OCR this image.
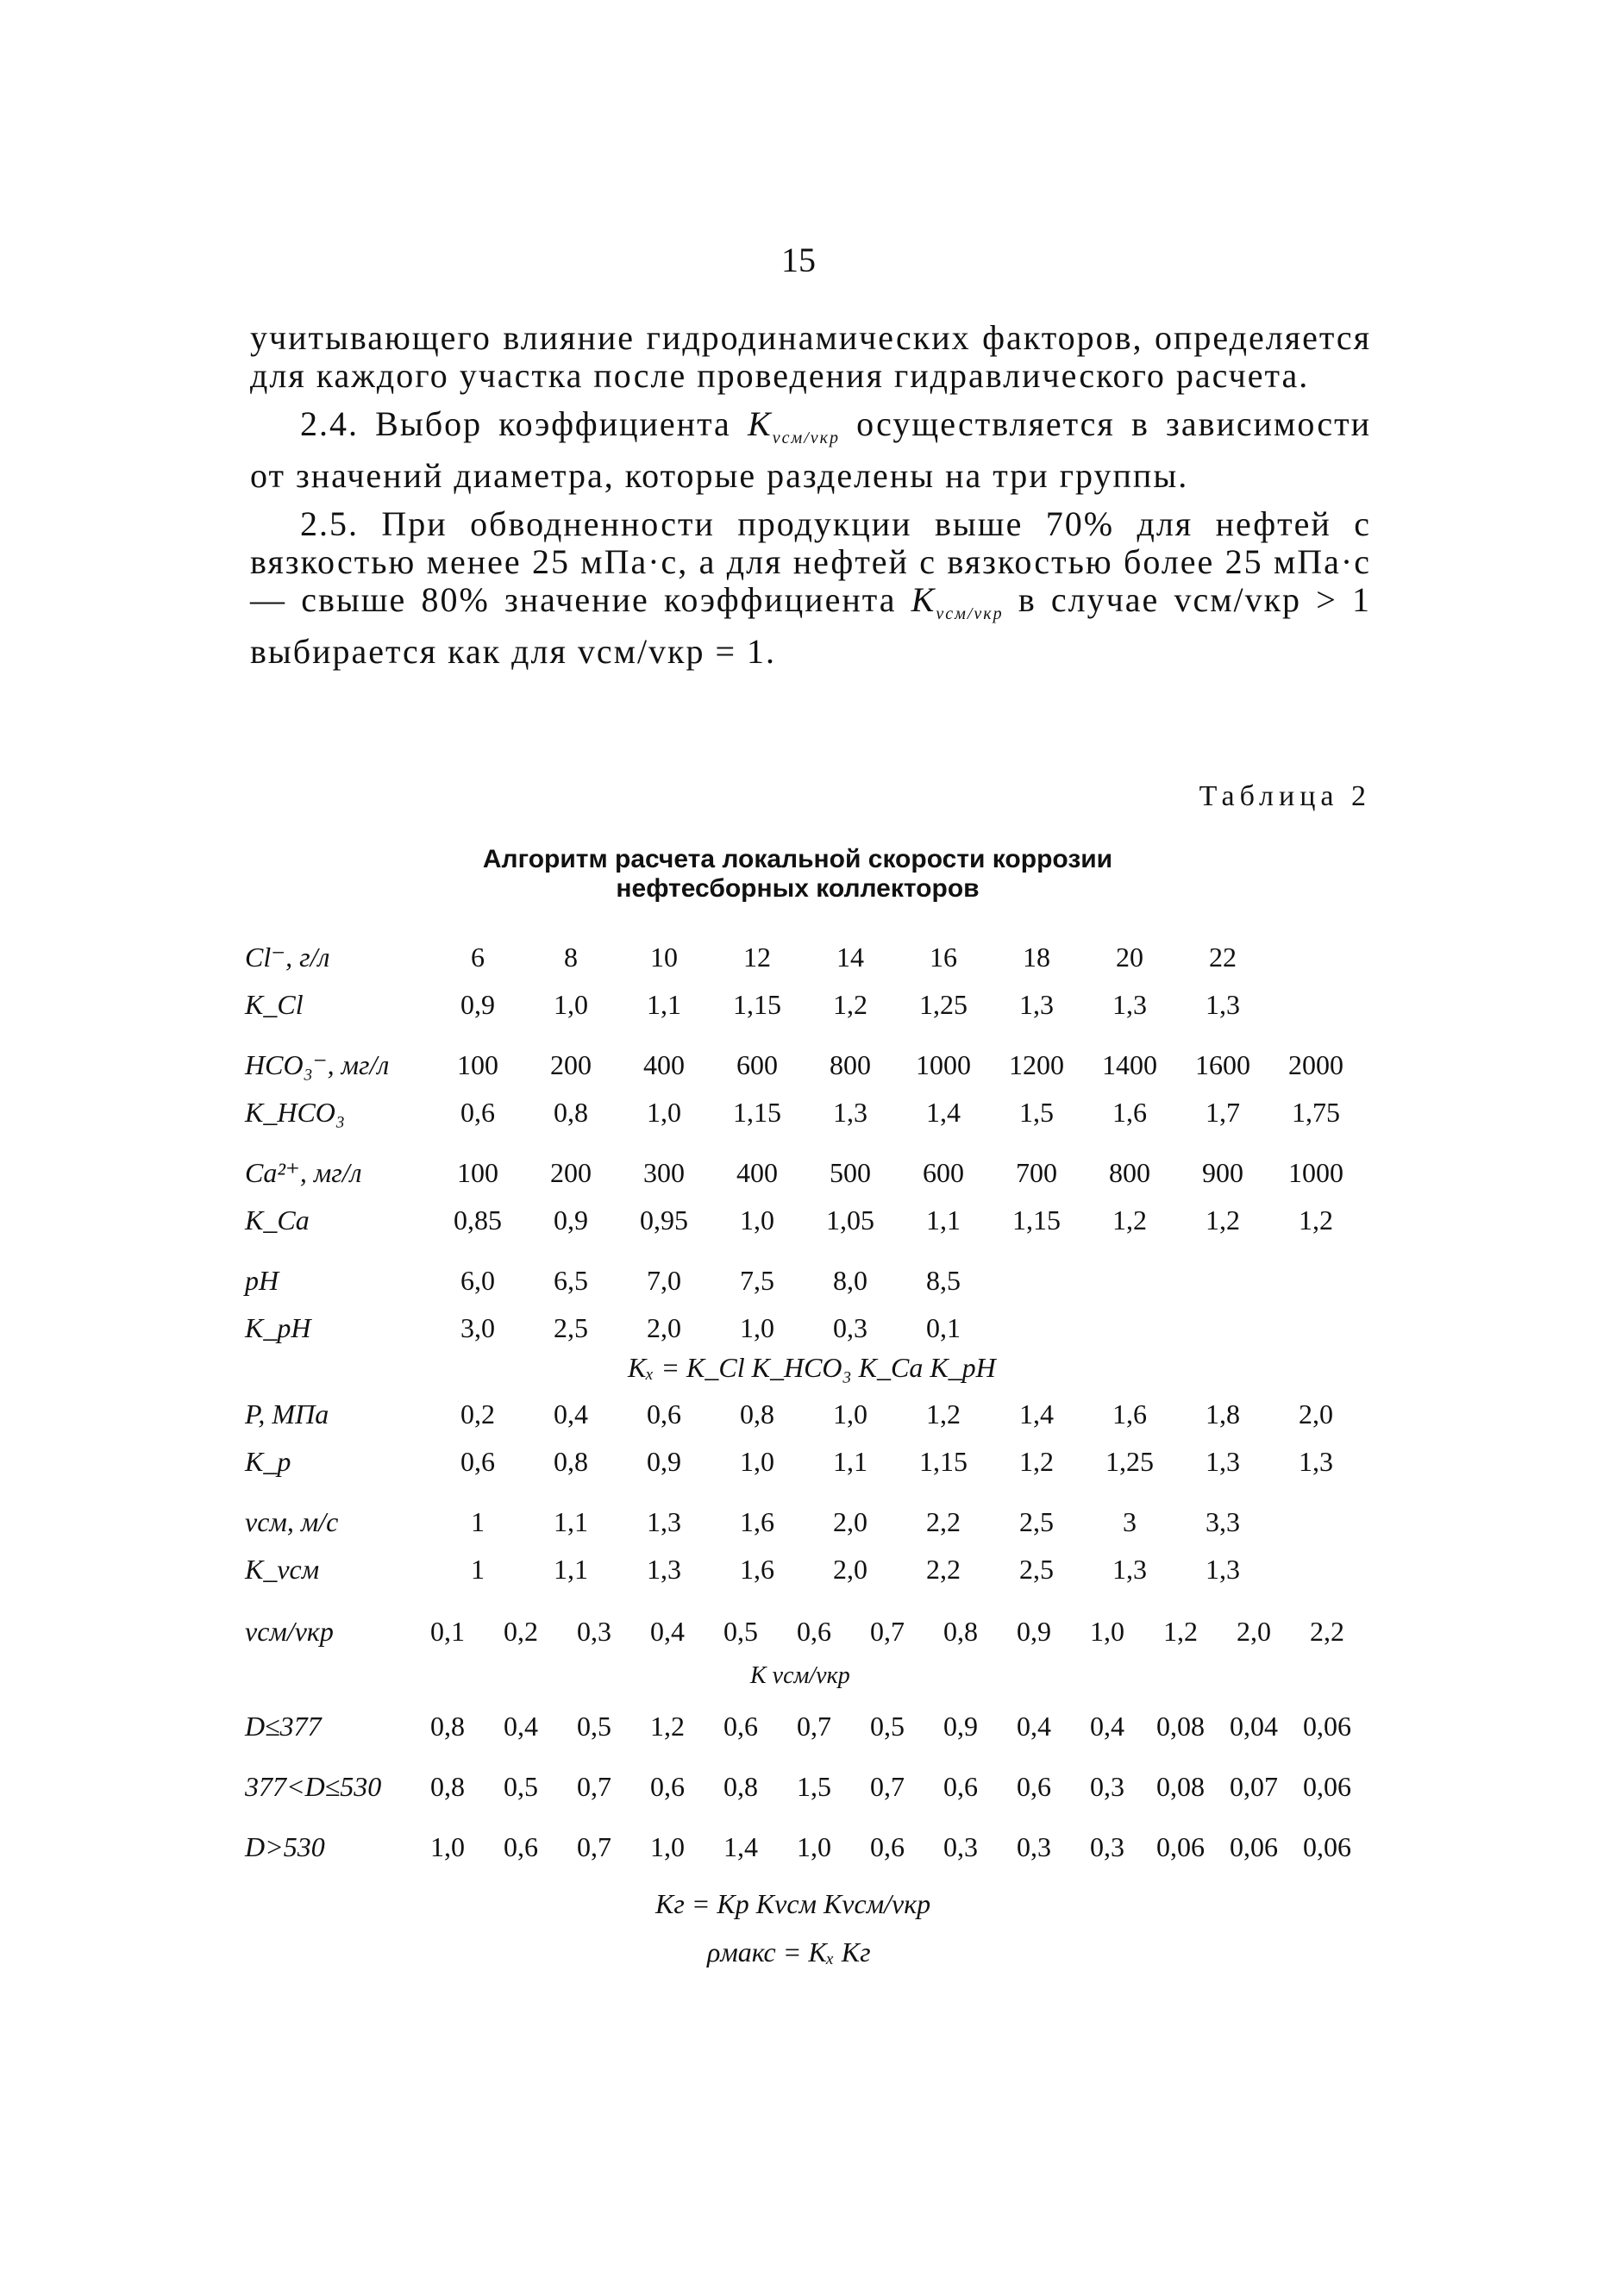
15

учитывающего влияние гидродинамических факторов, определяется для каждого участка после проведения гидравлического расчета.

2.4. Выбор коэффициента $K_{vсм/vкр}$ осуществляется в зависимости от значений диаметра, которые разделены на три группы.

2.5. При обводненности продукции выше 70% для нефтей с вязкостью менее 25 мПа·с, а для нефтей с вязкостью более 25 мПа·с — свыше 80% значение коэффициента $K_{vсм/vкр}$ в случае vсм/vкр > 1 выбирается как для vсм/vкр = 1.

Таблица 2
Алгоритм расчета локальной скорости коррозии
нефтесборных коллекторов
Cl⁻, г/л	6	8	10	12	14	16	18	20	22
K_Cl	0,9	1,0	1,1	1,15	1,2	1,25	1,3	1,3	1,3
HCO₃⁻, мг/л	100	200	400	600	800	1000	1200	1400	1600	2000
K_HCO₃	0,6	0,8	1,0	1,15	1,3	1,4	1,5	1,6	1,7	1,75
Ca²⁺, мг/л	100	200	300	400	500	600	700	800	900	1000
K_Ca	0,85	0,9	0,95	1,0	1,05	1,1	1,15	1,2	1,2	1,2
pH	6,0	6,5	7,0	7,5	8,0	8,5
K_pH	3,0	2,5	2,0	1,0	0,3	0,1
P, МПа	0,2	0,4	0,6	0,8	1,0	1,2	1,4	1,6	1,8	2,0
K_p	0,6	0,8	0,9	1,0	1,1	1,15	1,2	1,25	1,3	1,3
vсм, м/с	1	1,1	1,3	1,6	2,0	2,2	2,5	3	3,3
K_vсм	1	1,1	1,3	1,6	2,0	2,2	2,5	1,3	1,3
vсм/vкр	0,1	0,2	0,3	0,4	0,5	0,6	0,7	0,8	0,9	1,0	1,2	2,0	2,2
D≤377	0,8	0,4	0,5	1,2	0,6	0,7	0,5	0,9	0,4	0,4	0,08 0,04 0,06
377<D≤530	0,8	0,5	0,7	0,6	0,8	1,5	0,7	0,6	0,6	0,3	0,08 0,07 0,06
D>530	1,0	0,6	0,7	1,0	1,4	1,0	0,6	0,3	0,3	0,3	0,06 0,06 0,06
Kₓ = K_Cl K_HCO₃ K_Ca K_pH
K vсм/vкр
Kг = Kр Kvсм Kvсм/vкр
ρмакс = Kₓ Kг
